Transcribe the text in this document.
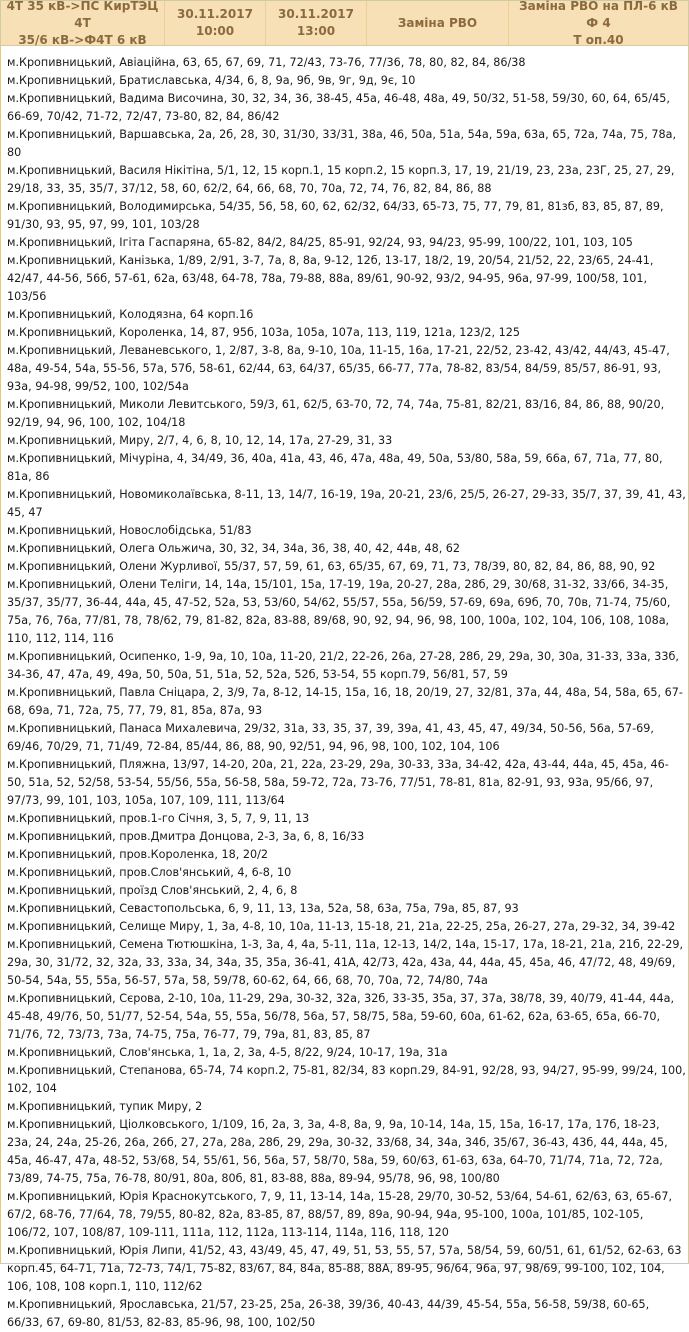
4Т 35 кВ->ПС КирТЭЦ 4Т
35/6 кВ->Ф4Т 6 кВ
30.11.2017
10:00
30.11.2017
13:00
Заміна РВО
Заміна РВО на ПЛ-6 кВ Ф 4
Т оп.40
м.Кропивницький, Авіаційна, 63, 65, 67, 69, 71, 72/43, 73-76, 77/36, 78, 80, 82, 84, 86/38
м.Кропивницький, Братиславська, 4/34, 6, 8, 9а, 9б, 9в, 9г, 9д, 9є, 10
м.Кропивницький, Вадима Височина, 30, 32, 34, 36, 38-45, 45а, 46-48, 48а, 49, 50/32, 51-58, 59/30, 60, 64, 65/45, 66-69, 70/42, 71-72, 72/47, 73-80, 82, 84, 86/42
м.Кропивницький, Варшавська, 2а, 2б, 28, 30, 31/30, 33/31, 38а, 46, 50а, 51а, 54а, 59а, 63а, 65, 72а, 74а, 75, 78а, 80
м.Кропивницький, Василя Нікітіна, 5/1, 12, 15 корп.1, 15 корп.2, 15 корп.3, 17, 19, 21/19, 23, 23а, 23Г, 25, 27, 29, 29/18, 33, 35, 35/7, 37/12, 58, 60, 62/2, 64, 66, 68, 70, 70а, 72, 74, 76, 82, 84, 86, 88
м.Кропивницький, Володимирська, 54/35, 56, 58, 60, 62, 62/32, 64/33, 65-73, 75, 77, 79, 81, 81зб, 83, 85, 87, 89, 91/30, 93, 95, 97, 99, 101, 103/28
м.Кропивницький, Ігіта Гаспаряна, 65-82, 84/2, 84/25, 85-91, 92/24, 93, 94/23, 95-99, 100/22, 101, 103, 105
м.Кропивницький, Канізька, 1/89, 2/91, 3-7, 7а, 8, 8а, 9-12, 12б, 13-17, 18/2, 19, 20/54, 21/52, 22, 23/65, 24-41, 42/47, 44-56, 56б, 57-61, 62а, 63/48, 64-78, 78а, 79-88, 88а, 89/61, 90-92, 93/2, 94-95, 96а, 97-99, 100/58, 101, 103/56
м.Кропивницький, Колодязна, 64 корп.16
м.Кропивницький, Короленка, 14, 87, 95б, 103а, 105а, 107а, 113, 119, 121а, 123/2, 125
м.Кропивницький, Леваневського, 1, 2/87, 3-8, 8а, 9-10, 10а, 11-15, 16а, 17-21, 22/52, 23-42, 43/42, 44/43, 45-47, 48а, 49-54, 54а, 55-56, 57а, 57б, 58-61, 62/44, 63, 64/37, 65/35, 66-77, 77а, 78-82, 83/54, 84/59, 85/57, 86-91, 93, 93а, 94-98, 99/52, 100, 102/54а
м.Кропивницький, Миколи Левитського, 59/3, 61, 62/5, 63-70, 72, 74, 74а, 75-81, 82/21, 83/16, 84, 86, 88, 90/20, 92/19, 94, 96, 100, 102, 104/18
м.Кропивницький, Миру, 2/7, 4, 6, 8, 10, 12, 14, 17а, 27-29, 31, 33
м.Кропивницький, Мічуріна, 4, 34/49, 36, 40а, 41а, 43, 46, 47а, 48а, 49, 50а, 53/80, 58а, 59, 66а, 67, 71а, 77, 80, 81а, 86
м.Кропивницький, Новомиколаївська, 8-11, 13, 14/7, 16-19, 19а, 20-21, 23/6, 25/5, 26-27, 29-33, 35/7, 37, 39, 41, 43, 45, 47
м.Кропивницький, Новослобідська, 51/83
м.Кропивницький, Олега Ольжича, 30, 32, 34, 34а, 36, 38, 40, 42, 44в, 48, 62
м.Кропивницький, Олени Журливої, 55/37, 57, 59, 61, 63, 65/35, 67, 69, 71, 73, 78/39, 80, 82, 84, 86, 88, 90, 92
м.Кропивницький, Олени Теліги, 14, 14а, 15/101, 15а, 17-19, 19а, 20-27, 28а, 28б, 29, 30/68, 31-32, 33/66, 34-35, 35/37, 35/77, 36-44, 44а, 45, 47-52, 52а, 53, 53/60, 54/62, 55/57, 55а, 56/59, 57-69, 69а, 69б, 70, 70в, 71-74, 75/60, 75а, 76, 76а, 77/81, 78, 78/62, 79, 81-82, 82а, 83-88, 89/68, 90, 92, 94, 96, 98, 100, 100а, 102, 104, 106, 108, 108а, 110, 112, 114, 116
м.Кропивницький, Осипенко, 1-9, 9а, 10, 10а, 11-20, 21/2, 22-26, 26а, 27-28, 28б, 29, 29а, 30, 30а, 31-33, 33а, 33б, 34-36, 47, 47а, 49, 49а, 50, 50а, 51, 51а, 52, 52а, 52б, 53-54, 55 корп.79, 56/81, 57, 59
м.Кропивницький, Павла Сніцара, 2, 3/9, 7а, 8-12, 14-15, 15а, 16, 18, 20/19, 27, 32/81, 37а, 44, 48а, 54, 58а, 65, 67-68, 69а, 71, 72а, 75, 77, 79, 81, 85а, 87а, 93
м.Кропивницький, Панаса Михалевича, 29/32, 31а, 33, 35, 37, 39, 39а, 41, 43, 45, 47, 49/34, 50-56, 56а, 57-69, 69/46, 70/29, 71, 71/49, 72-84, 85/44, 86, 88, 90, 92/51, 94, 96, 98, 100, 102, 104, 106
м.Кропивницький, Пляжна, 13/97, 14-20, 20а, 21, 22а, 23-29, 29а, 30-33, 33а, 34-42, 42а, 43-44, 44а, 45, 45а, 46-50, 51а, 52, 52/58, 53-54, 55/56, 55а, 56-58, 58а, 59-72, 72а, 73-76, 77/51, 78-81, 81а, 82-91, 93, 93а, 95/66, 97, 97/73, 99, 101, 103, 105а, 107, 109, 111, 113/64
м.Кропивницький, пров.1-го Січня, 3, 5, 7, 9, 11, 13
м.Кропивницький, пров.Дмитра Донцова, 2-3, 3а, 6, 8, 16/33
м.Кропивницький, пров.Короленка, 18, 20/2
м.Кропивницький, пров.Слов'янський, 4, 6-8, 10
м.Кропивницький, проїзд Слов'янський, 2, 4, 6, 8
м.Кропивницький, Севастопольська, 6, 9, 11, 13, 13а, 52а, 58, 63а, 75а, 79а, 85, 87, 93
м.Кропивницький, Селище Миру, 1, 3а, 4-8, 10, 10а, 11-13, 15-18, 21, 21а, 22-25, 25а, 26-27, 27а, 29-32, 34, 39-42
м.Кропивницький, Семена Тютюшкіна, 1-3, 3а, 4, 4а, 5-11, 11а, 12-13, 14/2, 14а, 15-17, 17а, 18-21, 21а, 21б, 22-29, 29а, 30, 31/72, 32, 32а, 33, 33а, 34, 34а, 35, 35а, 36-41, 41А, 42/73, 42а, 43а, 44, 44а, 45, 45а, 46, 47/72, 48, 49/69, 50-54, 54а, 55, 55а, 56-57, 57а, 58, 59/78, 60-62, 64, 66, 68, 70, 70а, 72, 74/80, 74а
м.Кропивницький, Сєрова, 2-10, 10а, 11-29, 29а, 30-32, 32а, 32б, 33-35, 35а, 37, 37а, 38/78, 39, 40/79, 41-44, 44а, 45-48, 49/76, 50, 51/77, 52-54, 54а, 55, 55а, 56/78, 56а, 57, 58/75, 58а, 59-60, 60а, 61-62, 62а, 63-65, 65а, 66-70, 71/76, 72, 73/73, 73а, 74-75, 75а, 76-77, 79, 79а, 81, 83, 85, 87
м.Кропивницький, Слов'янська, 1, 1а, 2, 3а, 4-5, 8/22, 9/24, 10-17, 19а, 31а
м.Кропивницький, Степанова, 65-74, 74 корп.2, 75-81, 82/34, 83 корп.29, 84-91, 92/28, 93, 94/27, 95-99, 99/24, 100, 102, 104
м.Кропивницький, тупик Миру, 2
м.Кропивницький, Ціолковського, 1/109, 1б, 2а, 3, 3а, 4-8, 8а, 9, 9а, 10-14, 14а, 15, 15а, 16-17, 17а, 17б, 18-23, 23а, 24, 24а, 25-26, 26а, 26б, 27, 27а, 28а, 28б, 29, 29а, 30-32, 33/68, 34, 34а, 34б, 35/67, 36-43, 43б, 44, 44а, 45, 45а, 46-47, 47а, 48-52, 53/68, 54, 55/61, 56, 56а, 57, 58/70, 58а, 59, 60/63, 61-63, 63а, 64-70, 71/74, 71а, 72, 72а, 73/89, 74-75, 75а, 76-78, 80/91, 80а, 80б, 81, 83-88, 88а, 89-94, 95/78, 96, 98, 100/80
м.Кропивницький, Юрія Краснокутського, 7, 9, 11, 13-14, 14а, 15-28, 29/70, 30-52, 53/64, 54-61, 62/63, 63, 65-67, 67/2, 68-76, 77/64, 78, 79/55, 80-82, 82а, 83-85, 87, 88/57, 89, 89а, 90-94, 94а, 95-100, 100а, 101/85, 102-105, 106/72, 107, 108/87, 109-111, 111а, 112, 112а, 113-114, 114а, 116, 118, 120
м.Кропивницький, Юрія Липи, 41/52, 43, 43/49, 45, 47, 49, 51, 53, 55, 57, 57а, 58/54, 59, 60/51, 61, 61/52, 62-63, 63 корп.45, 64-71, 71а, 72-73, 74/1, 75-82, 83/67, 84, 84а, 85-88, 88А, 89-95, 96/64, 96а, 97, 98/69, 99-100, 102, 104, 106, 108, 108 корп.1, 110, 112/62
м.Кропивницький, Ярославська, 21/57, 23-25, 25а, 26-38, 39/36, 40-43, 44/39, 45-54, 55а, 56-58, 59/38, 60-65, 66/33, 67, 69-80, 81/53, 82-83, 85-96, 98, 100, 102/50
